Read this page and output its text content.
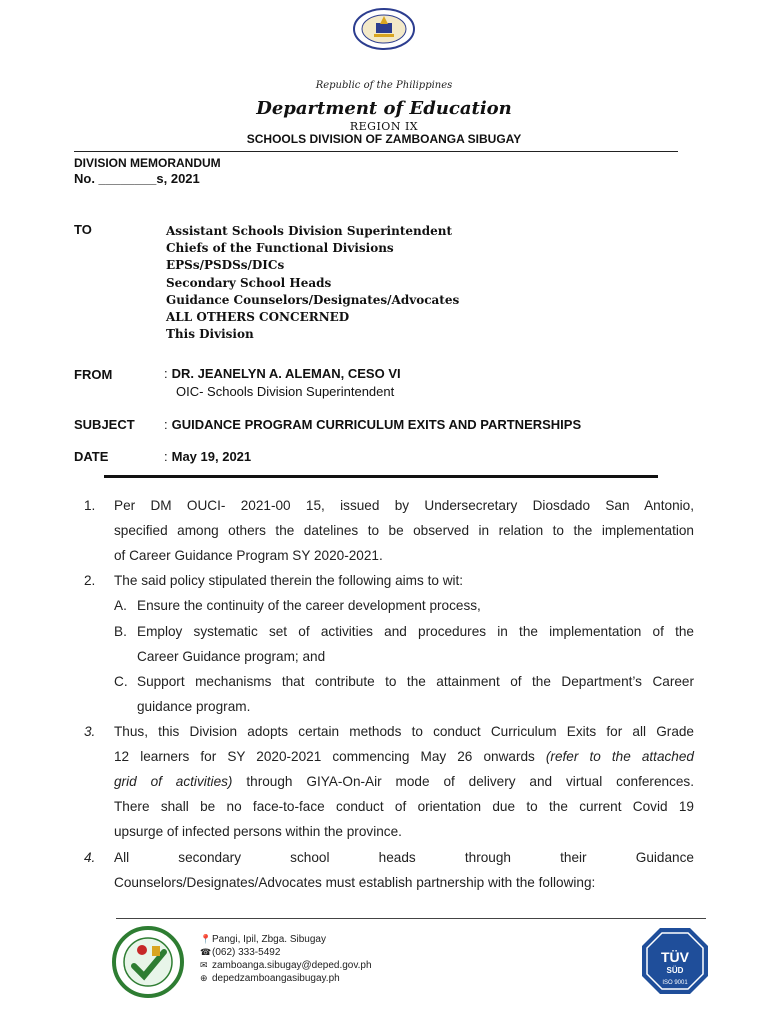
Republic of the Philippines
Department of Education
REGION IX
SCHOOLS DIVISION OF ZAMBOANGA SIBUGAY
DIVISION MEMORANDUM
No. ________s, 2021
TO	Assistant Schools Division Superintendent
Chiefs of the Functional Divisions
EPSs/PSDSs/DICs
Secondary School Heads
Guidance Counselors/Designates/Advocates
ALL OTHERS CONCERNED
This Division
FROM	: DR. JEANELYN A. ALEMAN, CESO VI
OIC- Schools Division Superintendent
SUBJECT : GUIDANCE PROGRAM CURRICULUM EXITS AND PARTNERSHIPS
DATE	: May 19, 2021
1. Per DM OUCI- 2021-00 15, issued by Undersecretary Diosdado San Antonio,
specified among others the datelines to be observed in relation to the implementation
of Career Guidance Program SY 2020-2021.
2. The said policy stipulated therein the following aims to wit:
A. Ensure the continuity of the career development process,
B. Employ systematic set of activities and procedures in the implementation of the
Career Guidance program; and
C. Support mechanisms that contribute to the attainment of the Department’s Career
guidance program.
3. Thus, this Division adopts certain methods to conduct Curriculum Exits for all Grade
12 learners for SY 2020-2021 commencing May 26 onwards (refer to the attached
grid of activities) through GIYA-On-Air mode of delivery and virtual conferences.
There shall be no face-to-face conduct of orientation due to the current Covid 19
upsurge of infected persons within the province.
4. All	secondary	school	heads	through	their	Guidance
Counselors/Designates/Advocates must establish partnership with the following:
📍Pangi, Ipil, Zbga. Sibugay
☎(062) 333-5492
✉ zamboanga.sibugay@deped.gov.ph
⊕ depedzamboangasibugay.ph
TÜV
SÜD
ISO 9001
